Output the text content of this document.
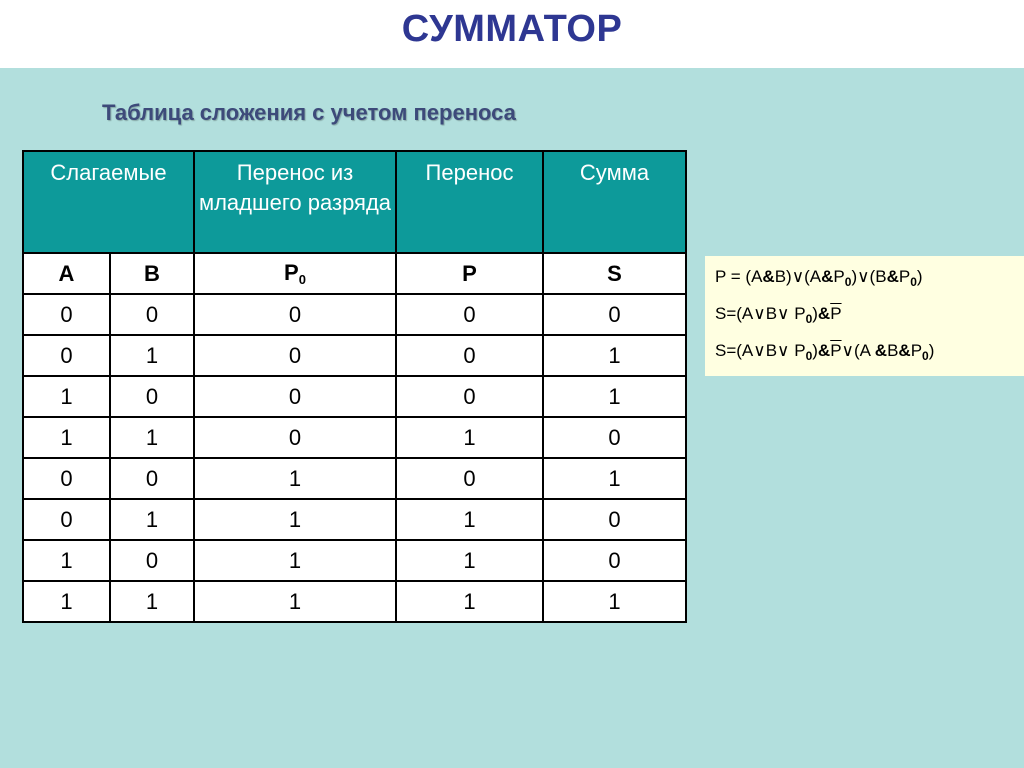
СУММАТОР
Таблица сложения с учетом переноса
Слагаемые		Перенос из младшего разряда	Перенос	Сумма
A	B	$P_0$	P	S
0	0	0	0	0
0	1	0	0	1
1	0	0	0	1
1	1	0	1	0
0	0	1	0	1
0	1	1	1	0
1	0	1	1	0
1	1	1	1	1
$P = (A\&B)\vee(A\&P_0)\vee(B\&P_0)$
S=(A∨B∨ $P_0)\&\overline{P}$
S=(A∨B∨ $P_0)\&\overline{P}\vee(A$ $\&B\&P_0$)
